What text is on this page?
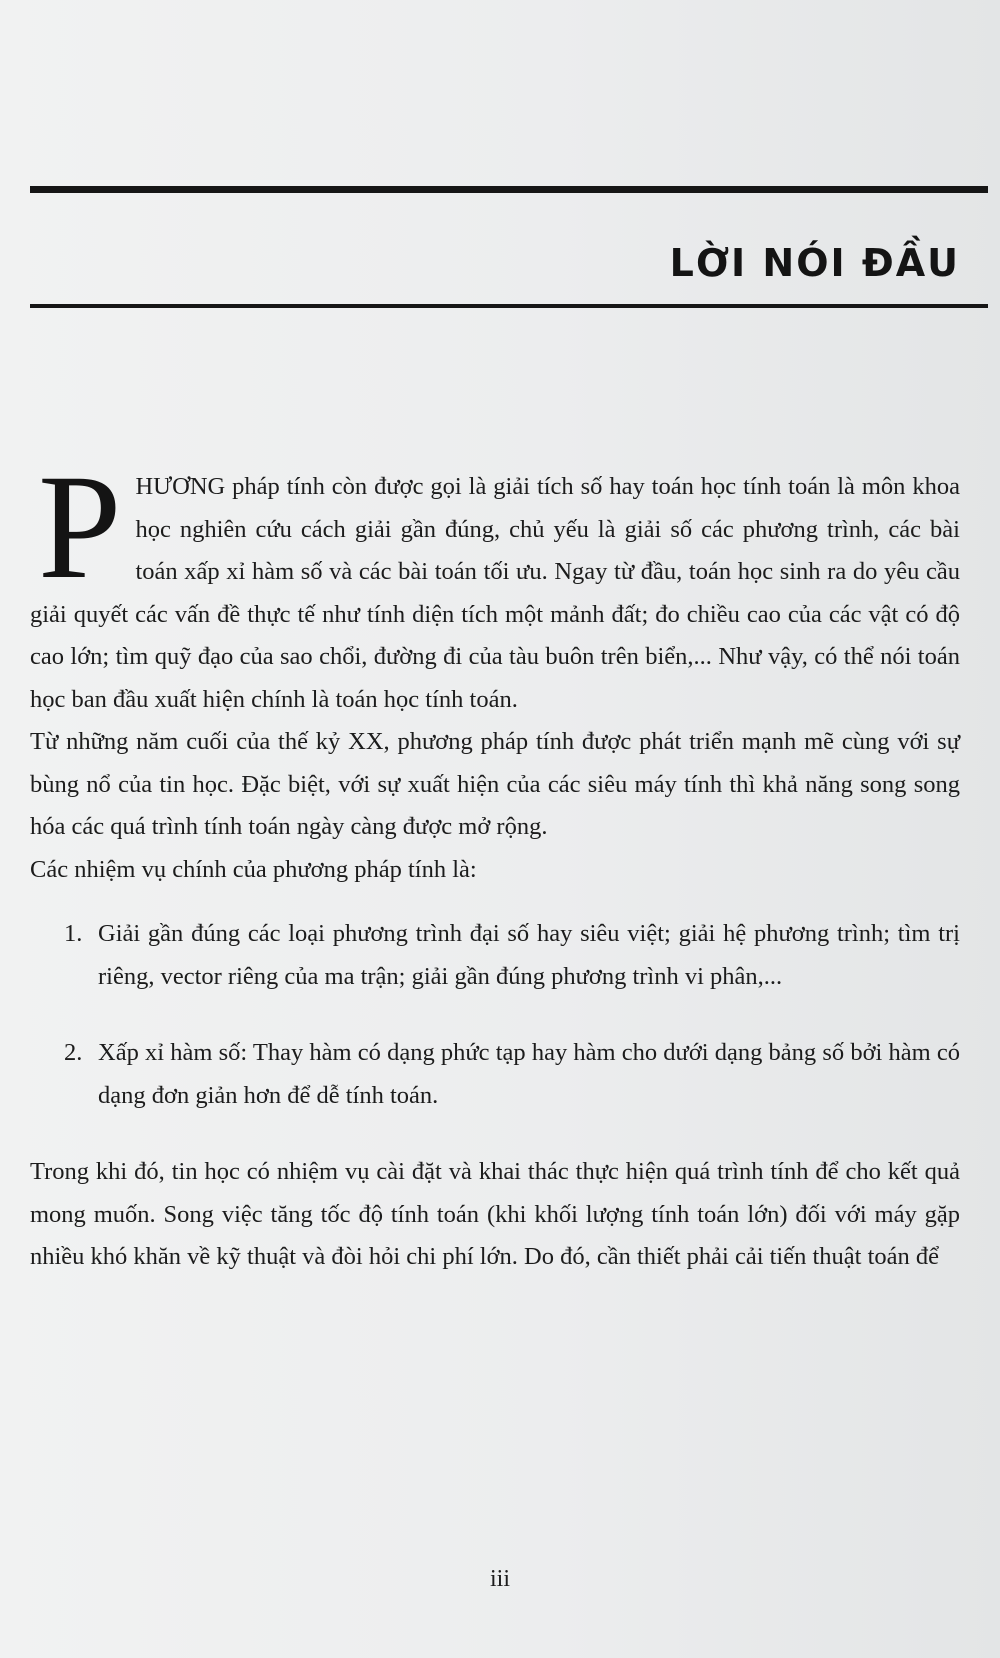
LỜI NÓI ĐẦU

PHƯƠNG pháp tính còn được gọi là giải tích số hay toán học tính toán là môn khoa học nghiên cứu cách giải gần đúng, chủ yếu là giải số các phương trình, các bài toán xấp xỉ hàm số và các bài toán tối ưu. Ngay từ đầu, toán học sinh ra do yêu cầu giải quyết các vấn đề thực tế như tính diện tích một mảnh đất; đo chiều cao của các vật có độ cao lớn; tìm quỹ đạo của sao chổi, đường đi của tàu buôn trên biển,... Như vậy, có thể nói toán học ban đầu xuất hiện chính là toán học tính toán.

Từ những năm cuối của thế kỷ XX, phương pháp tính được phát triển mạnh mẽ cùng với sự bùng nổ của tin học. Đặc biệt, với sự xuất hiện của các siêu máy tính thì khả năng song song hóa các quá trình tính toán ngày càng được mở rộng.

Các nhiệm vụ chính của phương pháp tính là:

1. Giải gần đúng các loại phương trình đại số hay siêu việt; giải hệ phương trình; tìm trị riêng, vector riêng của ma trận; giải gần đúng phương trình vi phân,...
2. Xấp xỉ hàm số: Thay hàm có dạng phức tạp hay hàm cho dưới dạng bảng số bởi hàm có dạng đơn giản hơn để dễ tính toán.

Trong khi đó, tin học có nhiệm vụ cài đặt và khai thác thực hiện quá trình tính để cho kết quả mong muốn. Song việc tăng tốc độ tính toán (khi khối lượng tính toán lớn) đối với máy gặp nhiều khó khăn về kỹ thuật và đòi hỏi chi phí lớn. Do đó, cần thiết phải cải tiến thuật toán để

iii
